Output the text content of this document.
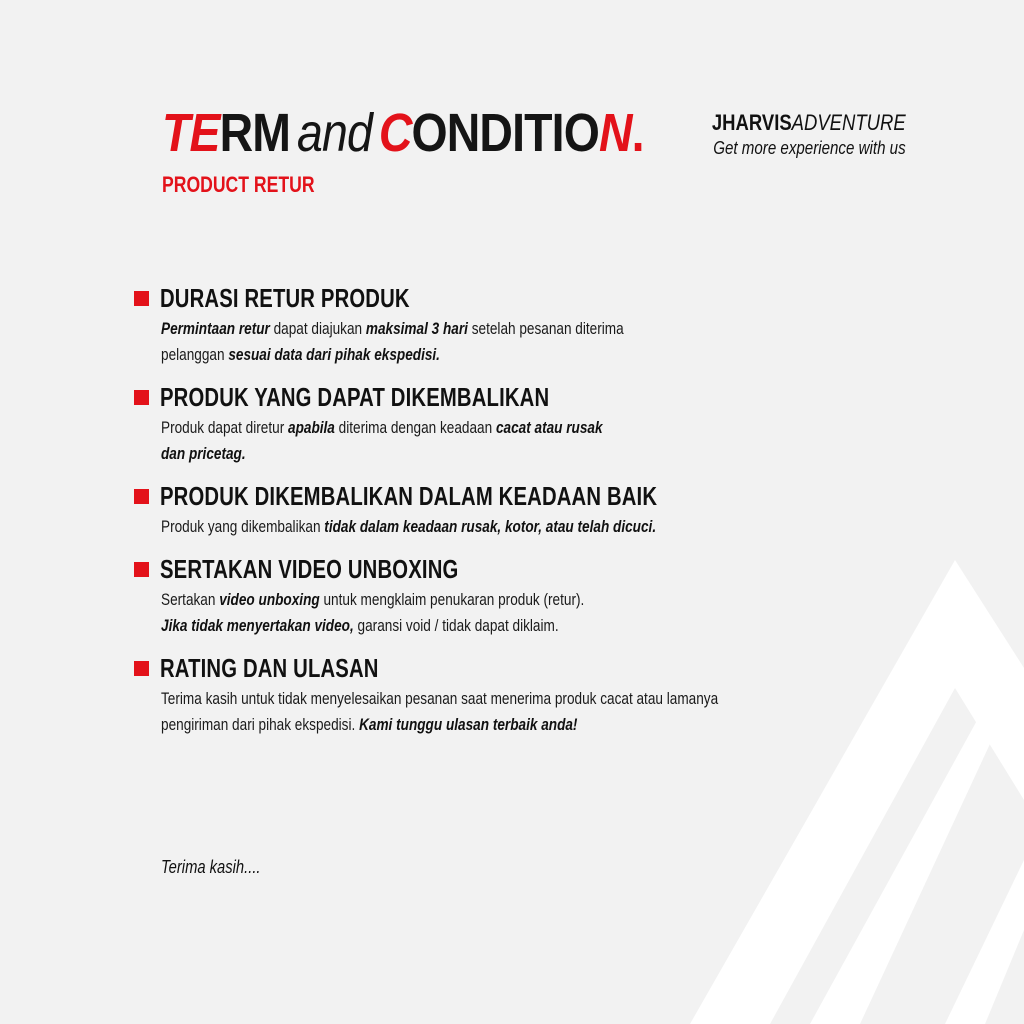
TERM and CONDITION.
PRODUCT RETUR
JHARVISADVENTURE
Get more experience with us
DURASI RETUR PRODUK
Permintaan retur dapat diajukan maksimal 3 hari setelah pesanan diterima
pelanggan sesuai data dari pihak ekspedisi.
PRODUK YANG DAPAT DIKEMBALIKAN
Produk dapat diretur apabila diterima dengan keadaan cacat atau rusak
dan pricetag.
PRODUK DIKEMBALIKAN DALAM KEADAAN BAIK
Produk yang dikembalikan tidak dalam keadaan rusak, kotor, atau telah dicuci.
SERTAKAN VIDEO UNBOXING
Sertakan video unboxing untuk mengklaim penukaran produk (retur).
Jika tidak menyertakan video, garansi void / tidak dapat diklaim.
RATING DAN ULASAN
Terima kasih untuk tidak menyelesaikan pesanan saat menerima produk cacat atau lamanya
pengiriman dari pihak ekspedisi. Kami tunggu ulasan terbaik anda!
Terima kasih....
